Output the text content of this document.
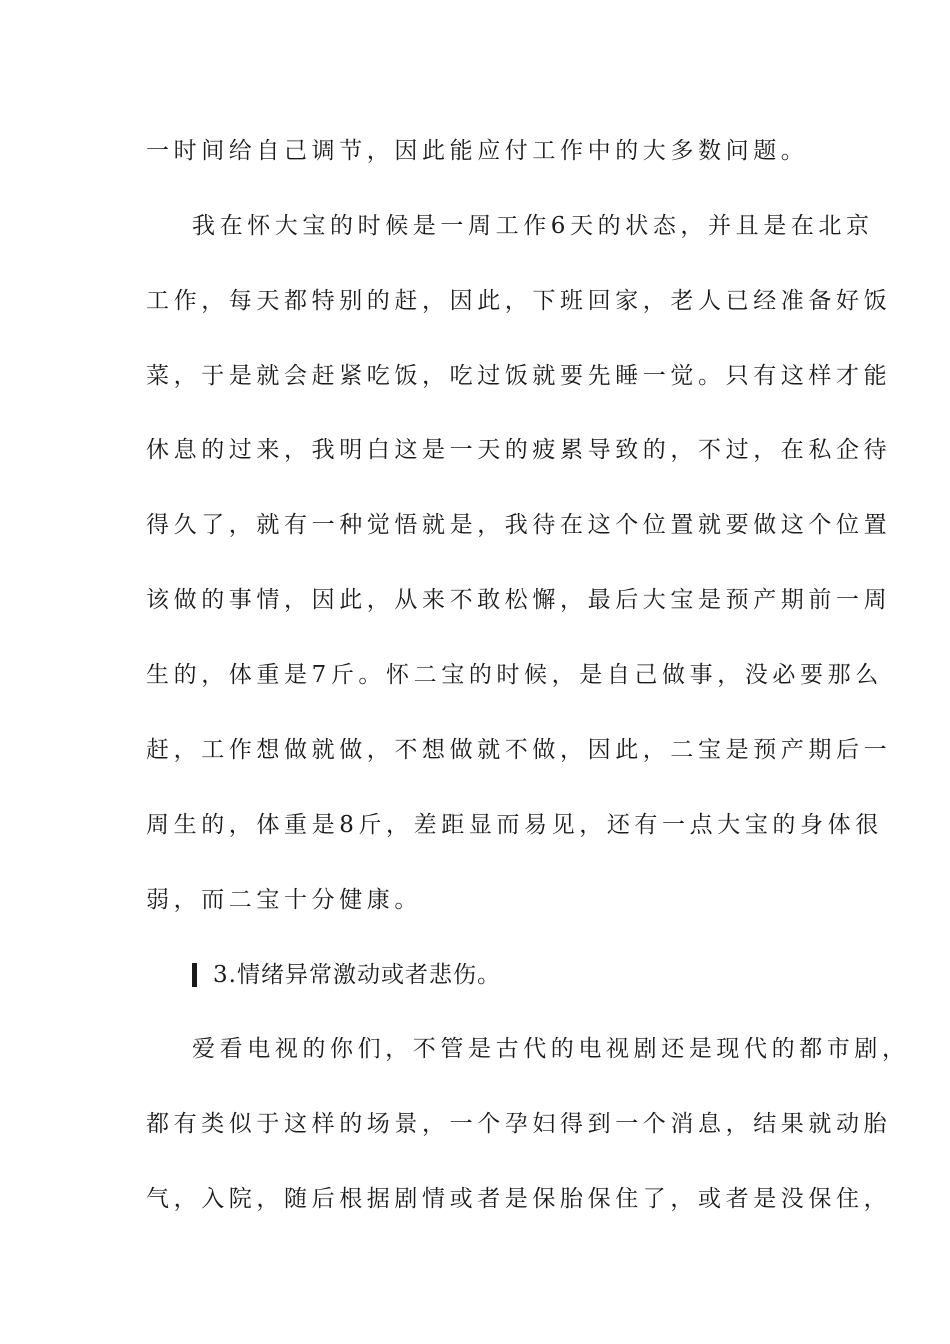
一时间给自己调节，因此能应付工作中的大多数问题。
我在怀大宝的时候是一周工作6天的状态，并且是在北京
工作，每天都特别的赶，因此，下班回家，老人已经准备好饭
菜，于是就会赶紧吃饭，吃过饭就要先睡一觉。只有这样才能
休息的过来，我明白这是一天的疲累导致的，不过，在私企待
得久了，就有一种觉悟就是，我待在这个位置就要做这个位置
该做的事情，因此，从来不敢松懈，最后大宝是预产期前一周
生的，体重是7斤。怀二宝的时候，是自己做事，没必要那么
赶，工作想做就做，不想做就不做，因此，二宝是预产期后一
周生的，体重是8斤，差距显而易见，还有一点大宝的身体很
弱，而二宝十分健康。
3.情绪异常激动或者悲伤。
爱看电视的你们，不管是古代的电视剧还是现代的都市剧，
都有类似于这样的场景，一个孕妇得到一个消息，结果就动胎
气，入院，随后根据剧情或者是保胎保住了，或者是没保住，
